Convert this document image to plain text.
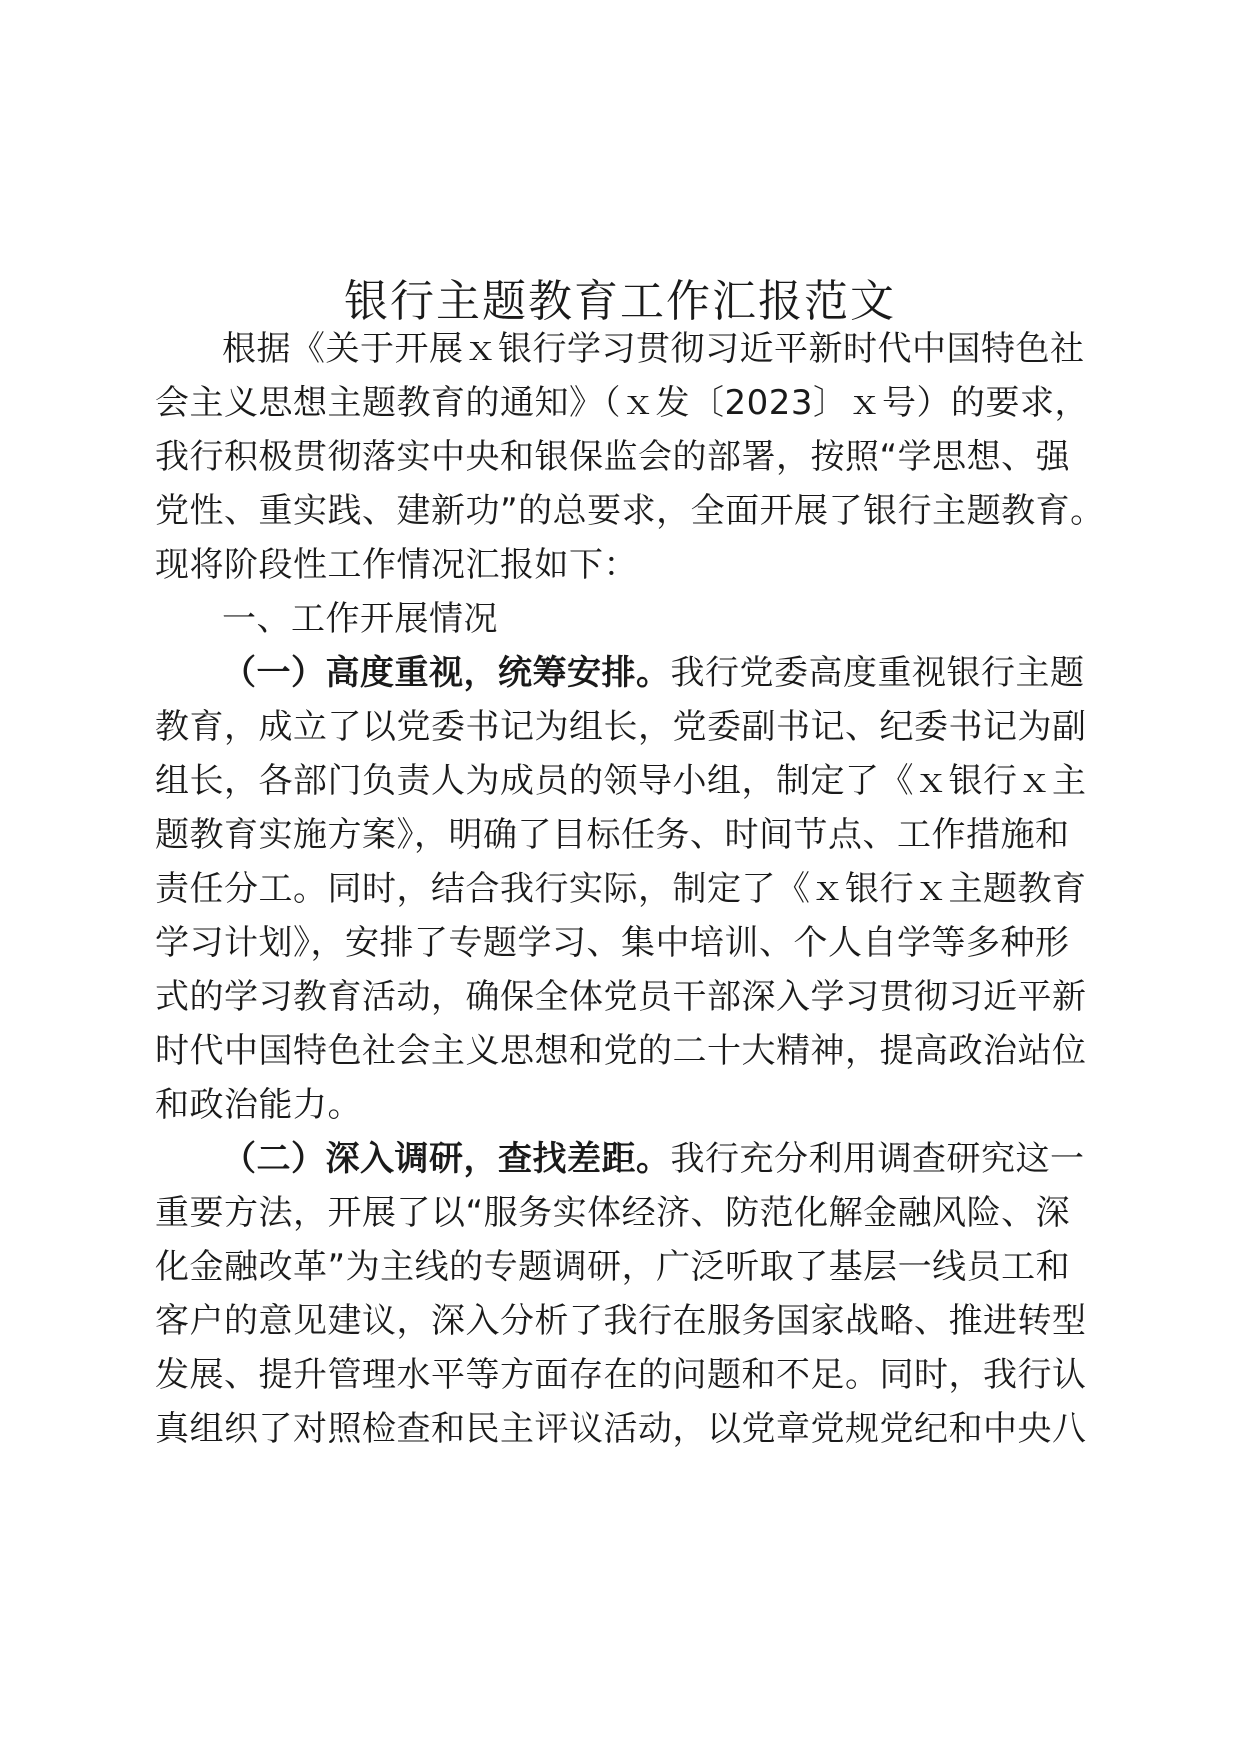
银行主题教育工作汇报范文
根据《关于开展ｘ银行学习贯彻习近平新时代中国特色社
会主义思想主题教育的通知》（ｘ发〔2023〕ｘ号）的要求，
我行积极贯彻落实中央和银保监会的部署，按照“学思想、强
党性、重实践、建新功”的总要求，全面开展了银行主题教育。
现将阶段性工作情况汇报如下：
一、工作开展情况
（一）高度重视，统筹安排。我行党委高度重视银行主题
教育，成立了以党委书记为组长，党委副书记、纪委书记为副
组长，各部门负责人为成员的领导小组，制定了《ｘ银行ｘ主
题教育实施方案》，明确了目标任务、时间节点、工作措施和
责任分工。同时，结合我行实际，制定了《ｘ银行ｘ主题教育
学习计划》，安排了专题学习、集中培训、个人自学等多种形
式的学习教育活动，确保全体党员干部深入学习贯彻习近平新
时代中国特色社会主义思想和党的二十大精神，提高政治站位
和政治能力。
（二）深入调研，查找差距。我行充分利用调查研究这一
重要方法，开展了以“服务实体经济、防范化解金融风险、深
化金融改革”为主线的专题调研，广泛听取了基层一线员工和
客户的意见建议，深入分析了我行在服务国家战略、推进转型
发展、提升管理水平等方面存在的问题和不足。同时，我行认
真组织了对照检查和民主评议活动，以党章党规党纪和中央八
